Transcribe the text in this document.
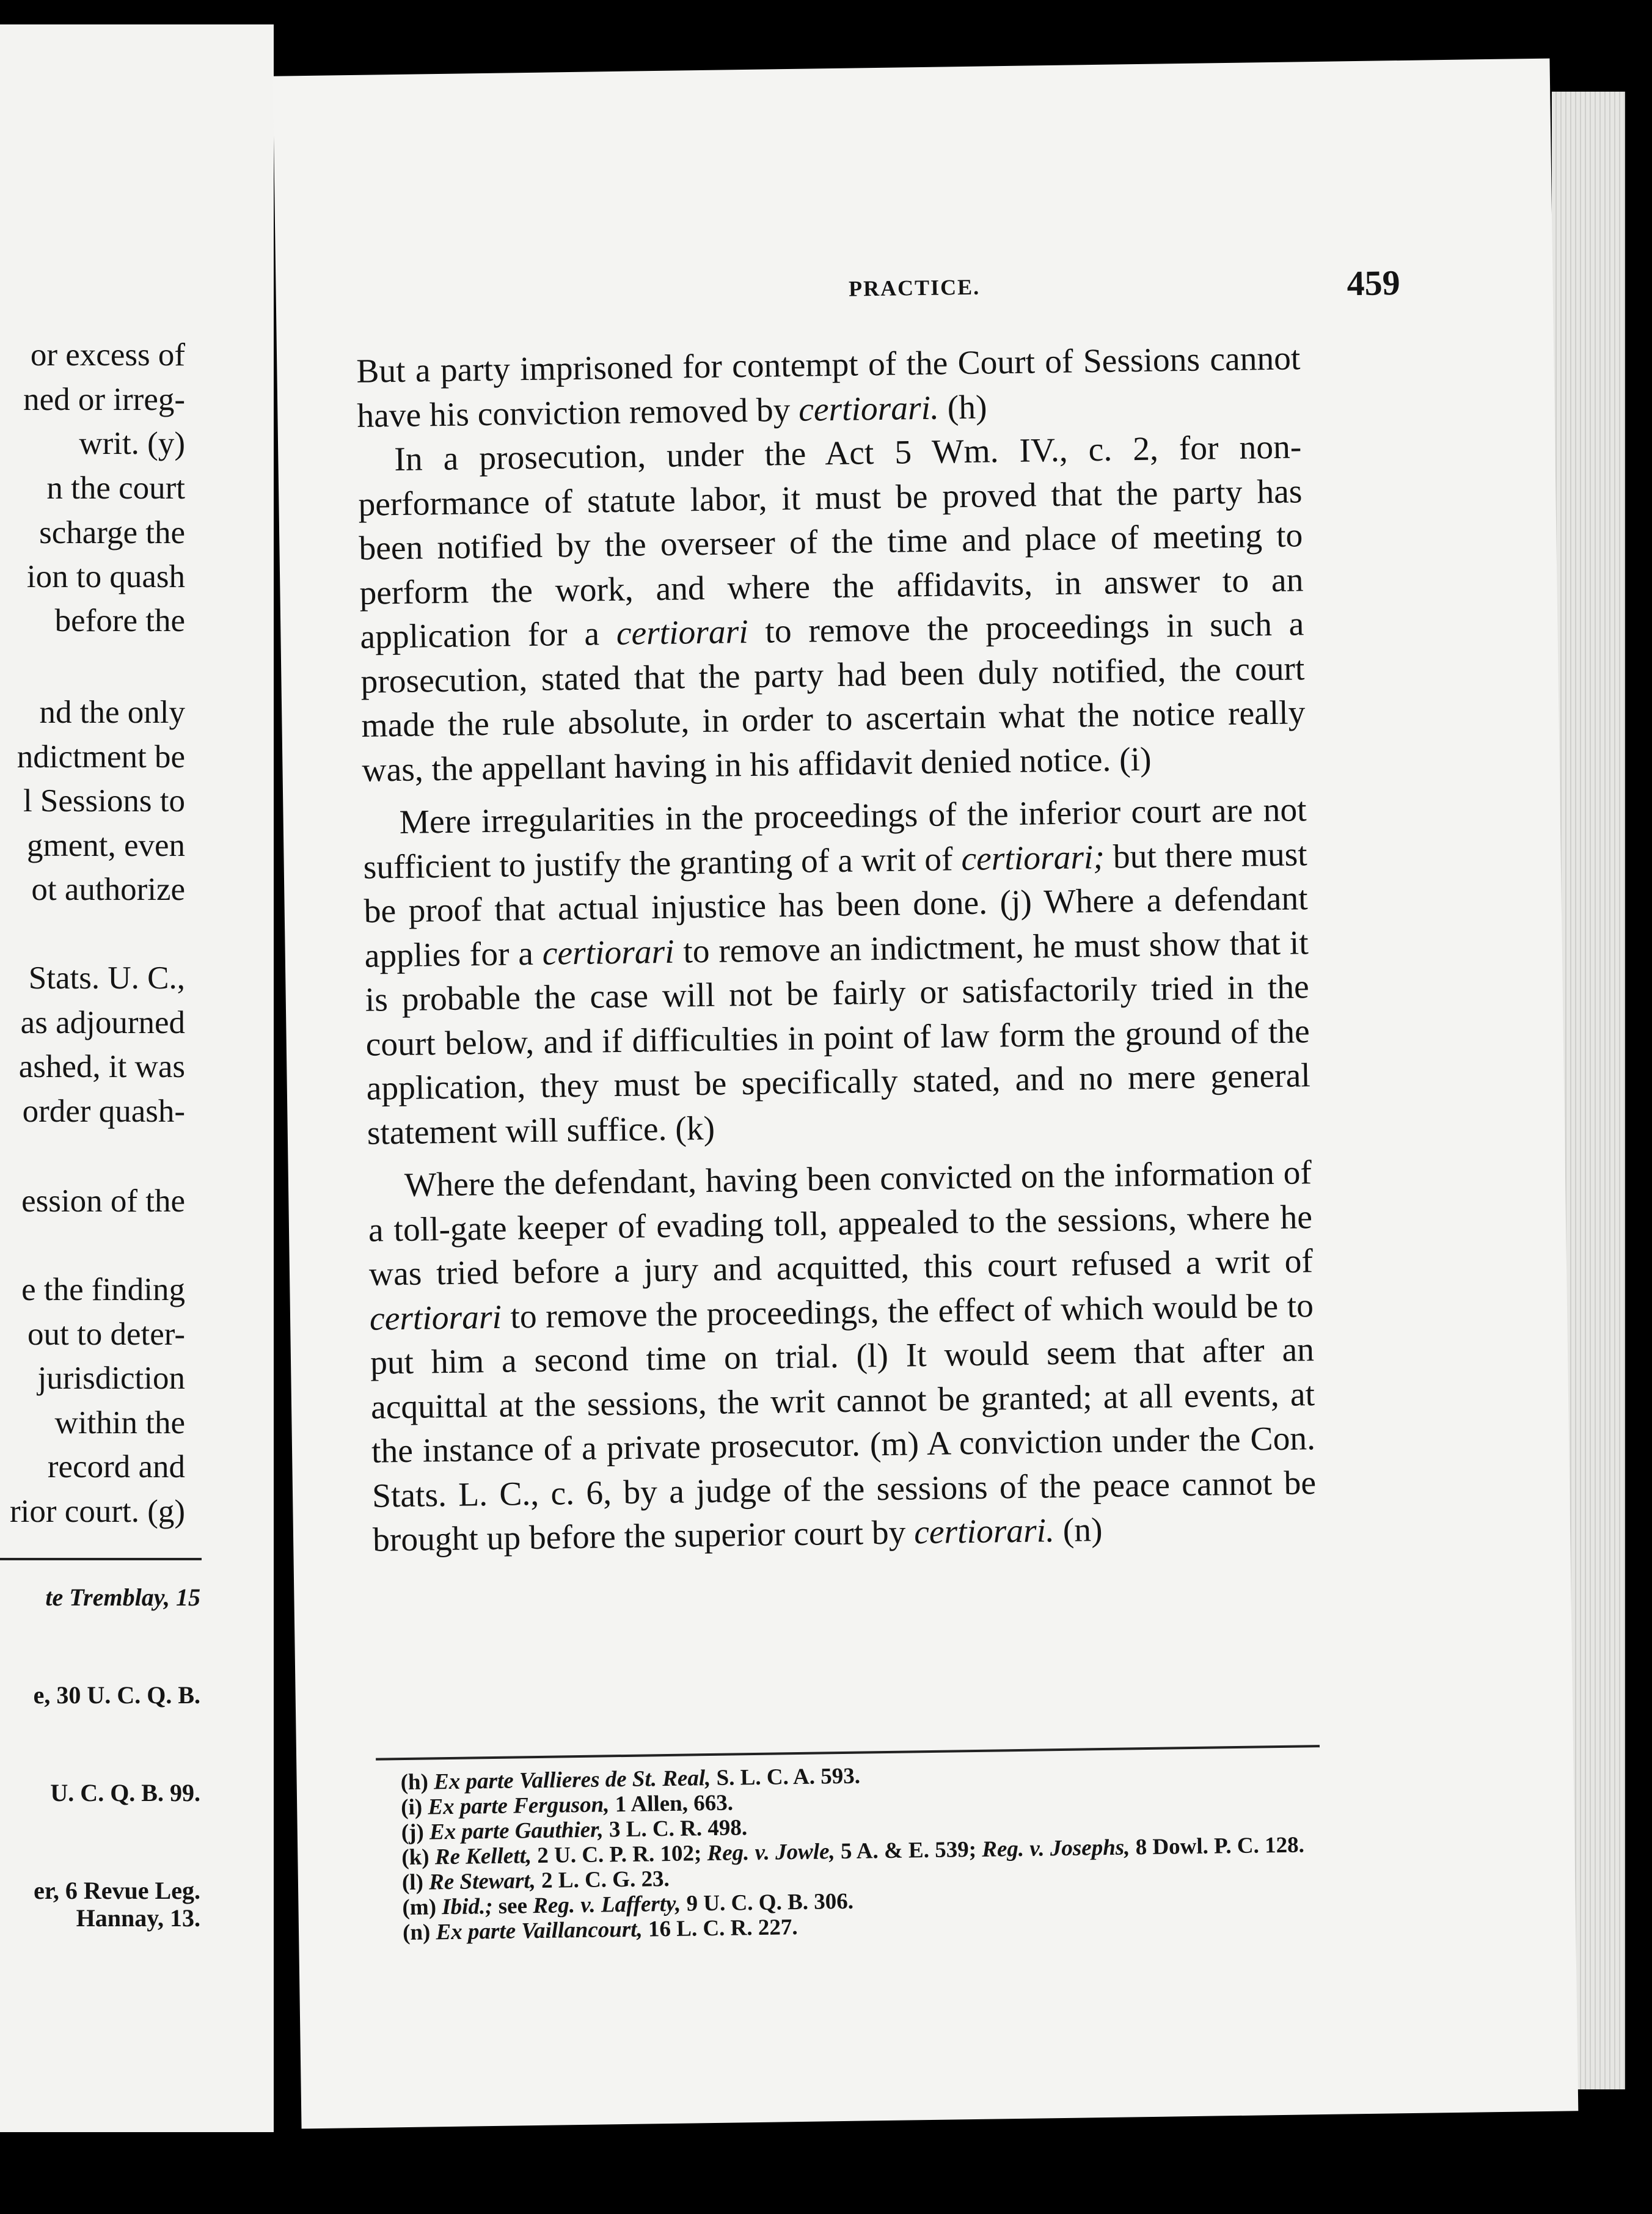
or excess of
ned or irreg-
writ. (y)
n the court
scharge the
ion to quash
before the
nd the only
ndictment be
l Sessions to
gment, even
ot authorize
Stats. U. C.,
as adjourned
ashed, it was
order quash-
ession of the
e the finding
out to deter-
jurisdiction
within the
record and
rior court. (g)
te Tremblay, 15
e, 30 U. C. Q. B.
U. C. Q. B. 99.
er, 6 Revue Leg.
Hannay, 13.
PRACTICE.	459

But a party imprisoned for contempt of the Court of Sessions cannot have his conviction removed by certiorari. (h)

In a prosecution, under the Act 5 Wm. IV., c. 2, for non-performance of statute labor, it must be proved that the party has been notified by the overseer of the time and place of meeting to perform the work, and where the affidavits, in answer to an application for a certiorari to remove the proceedings in such a prosecution, stated that the party had been duly notified, the court made the rule absolute, in order to ascertain what the notice really was, the appellant having in his affidavit denied notice. (i)

Mere irregularities in the proceedings of the inferior court are not sufficient to justify the granting of a writ of certiorari; but there must be proof that actual injustice has been done. (j) Where a defendant applies for a certiorari to remove an indictment, he must show that it is probable the case will not be fairly or satisfactorily tried in the court below, and if difficulties in point of law form the ground of the application, they must be specifically stated, and no mere general statement will suffice. (k)

Where the defendant, having been convicted on the information of a toll-gate keeper of evading toll, appealed to the sessions, where he was tried before a jury and acquitted, this court refused a writ of certiorari to remove the proceedings, the effect of which would be to put him a second time on trial. (l) It would seem that after an acquittal at the sessions, the writ cannot be granted; at all events, at the instance of a private prosecutor. (m) A conviction under the Con. Stats. L. C., c. 6, by a judge of the sessions of the peace cannot be brought up before the superior court by certiorari. (n)

(h) Ex parte Vallieres de St. Real, S. L. C. A. 593.
(i) Ex parte Ferguson, 1 Allen, 663.
(j) Ex parte Gauthier, 3 L. C. R. 498.
(k) Re Kellett, 2 U. C. P. R. 102; Reg. v. Jowle, 5 A. & E. 539; Reg. v. Josephs, 8 Dowl. P. C. 128.
(l) Re Stewart, 2 L. C. G. 23.
(m) Ibid.; see Reg. v. Lafferty, 9 U. C. Q. B. 306.
(n) Ex parte Vaillancourt, 16 L. C. R. 227.
